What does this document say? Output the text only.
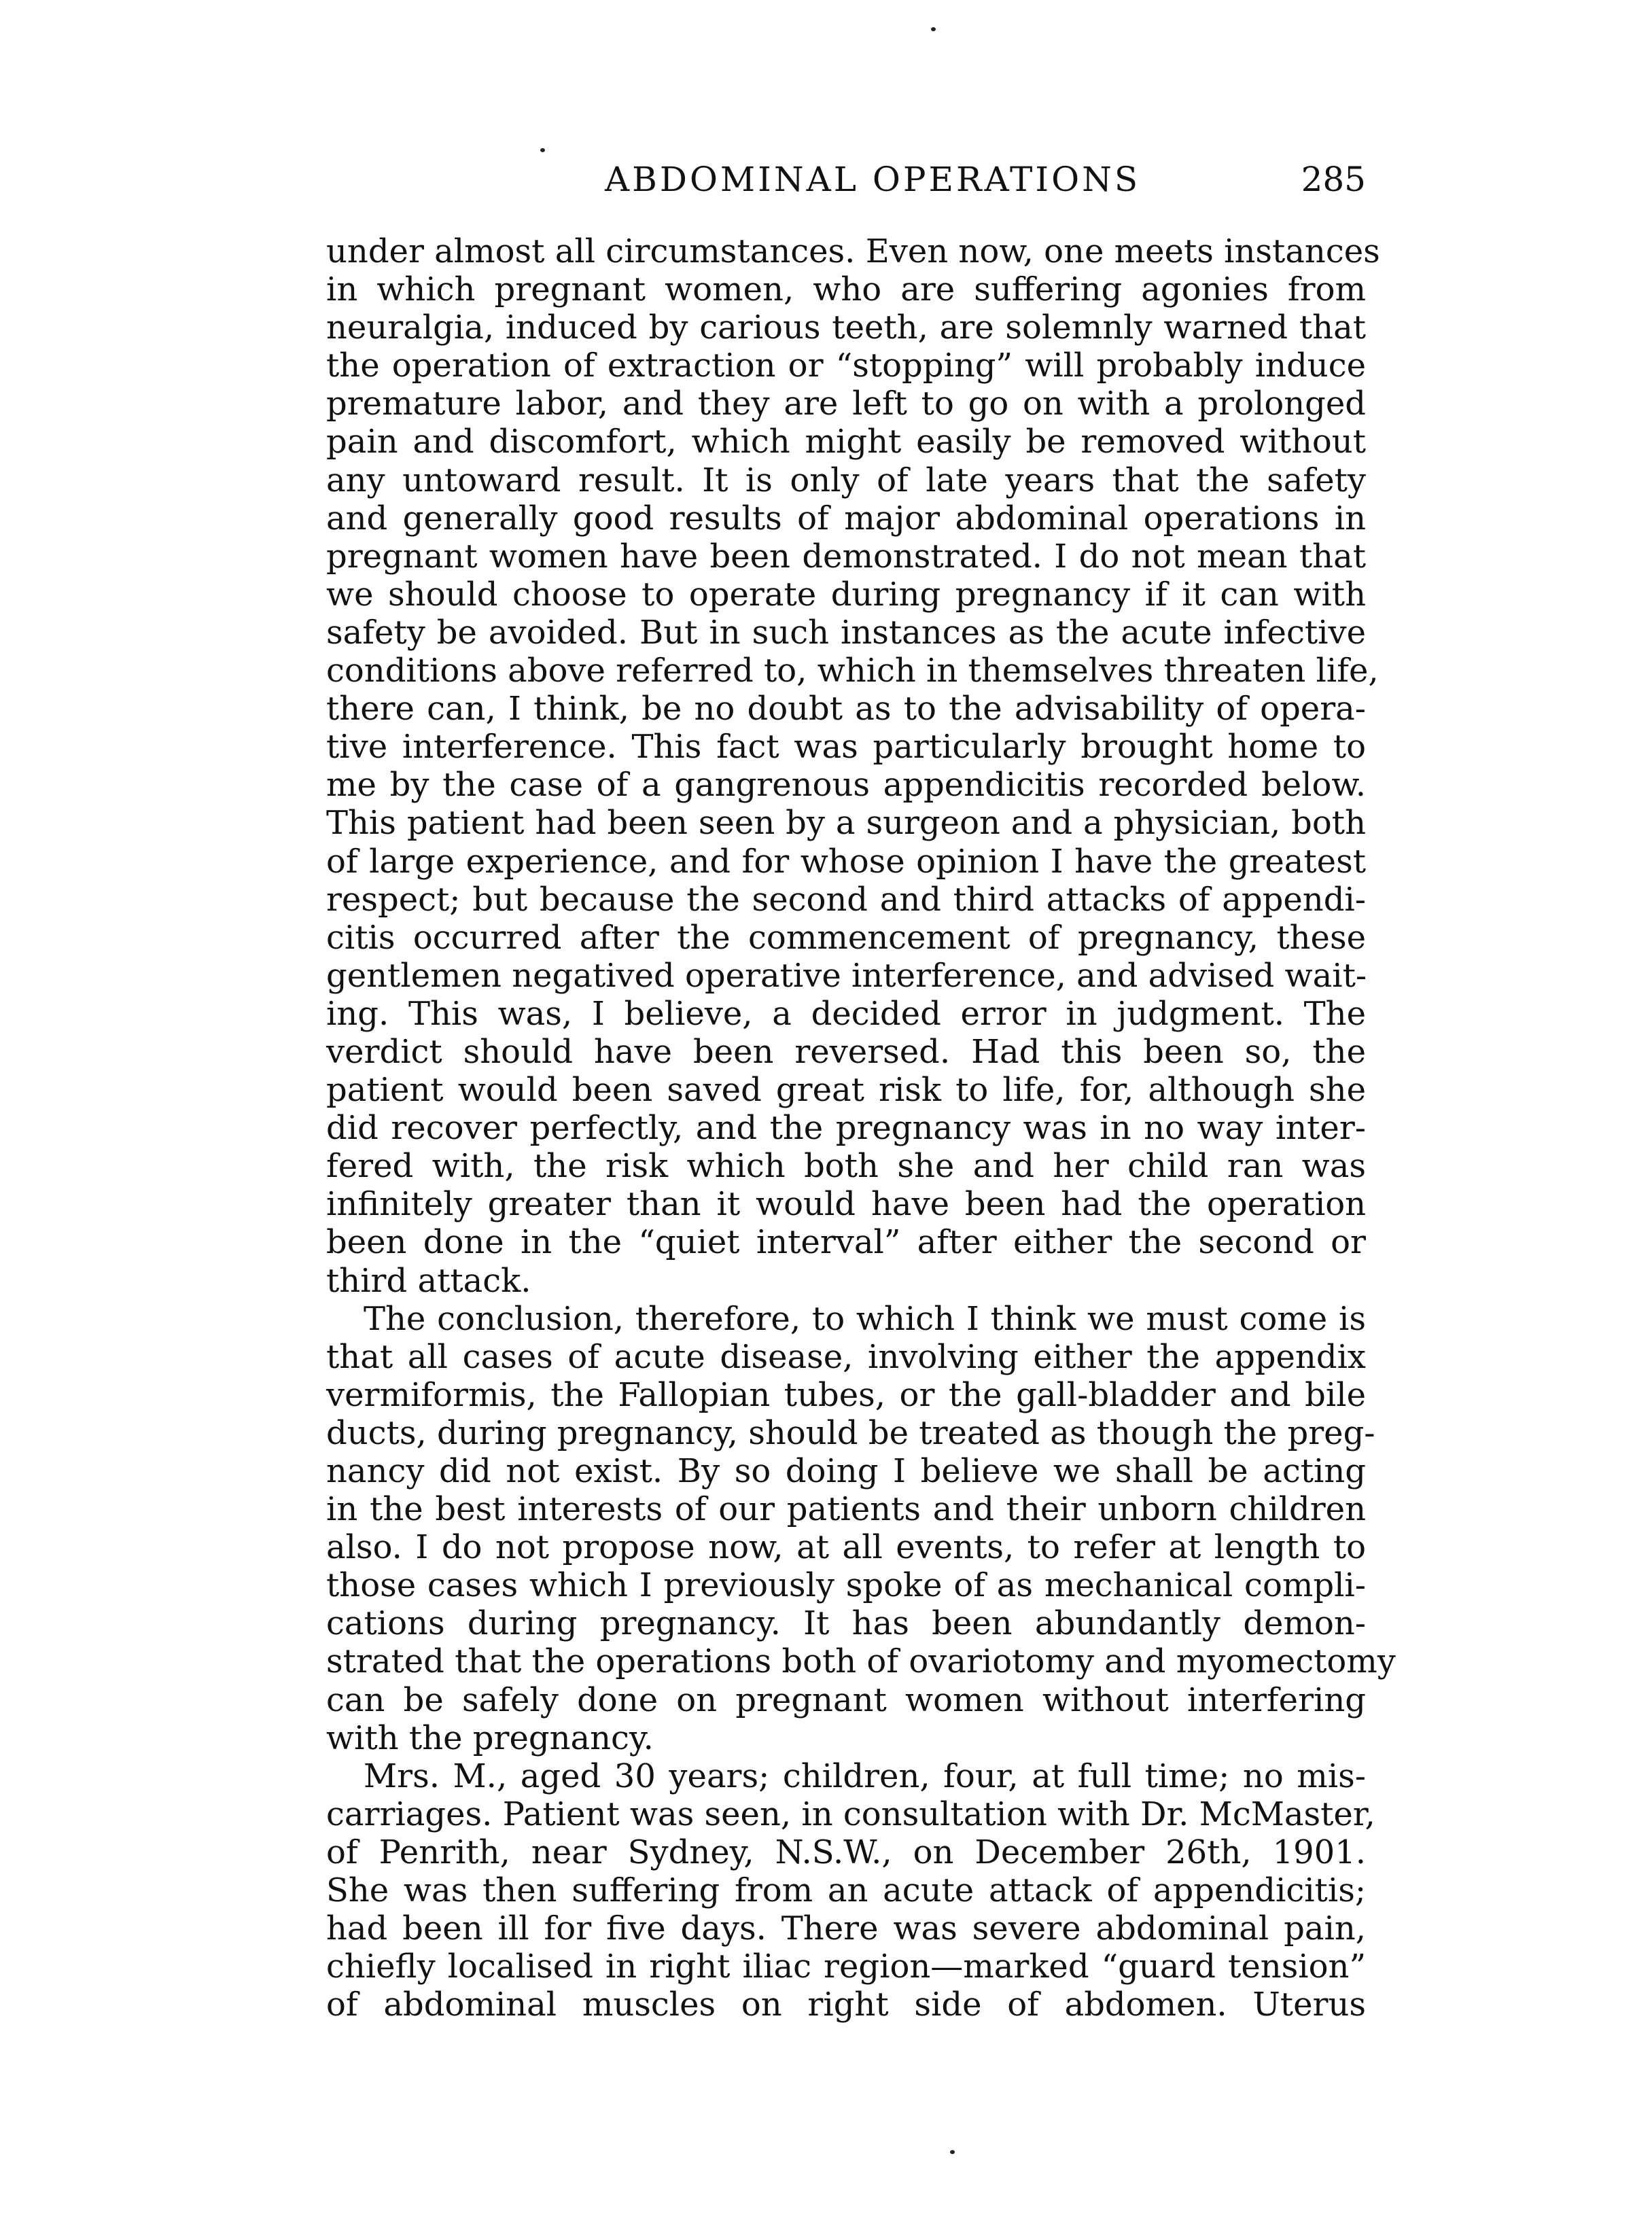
ABDOMINAL OPERATIONS	285
under almost all circumstances. Even now, one meets instances
in which pregnant women, who are suffering agonies from
neuralgia, induced by carious teeth, are solemnly warned that
the operation of extraction or “stopping” will probably induce
premature labor, and they are left to go on with a prolonged
pain and discomfort, which might easily be removed without
any untoward result. It is only of late years that the safety
and generally good results of major abdominal operations in
pregnant women have been demonstrated. I do not mean that
we should choose to operate during pregnancy if it can with
safety be avoided. But in such instances as the acute infective
conditions above referred to, which in themselves threaten life,
there can, I think, be no doubt as to the advisability of opera-
tive interference. This fact was particularly brought home to
me by the case of a gangrenous appendicitis recorded below.
This patient had been seen by a surgeon and a physician, both
of large experience, and for whose opinion I have the greatest
respect; but because the second and third attacks of appendi-
citis occurred after the commencement of pregnancy, these
gentlemen negatived operative interference, and advised wait-
ing. This was, I believe, a decided error in judgment. The
verdict should have been reversed. Had this been so, the
patient would been saved great risk to life, for, although she
did recover perfectly, and the pregnancy was in no way inter-
fered with, the risk which both she and her child ran was
infinitely greater than it would have been had the operation
been done in the “quiet interval” after either the second or
third attack.
The conclusion, therefore, to which I think we must come is
that all cases of acute disease, involving either the appendix
vermiformis, the Fallopian tubes, or the gall-bladder and bile
ducts, during pregnancy, should be treated as though the preg-
nancy did not exist. By so doing I believe we shall be acting
in the best interests of our patients and their unborn children
also. I do not propose now, at all events, to refer at length to
those cases which I previously spoke of as mechanical compli-
cations during pregnancy. It has been abundantly demon-
strated that the operations both of ovariotomy and myomectomy
can be safely done on pregnant women without interfering
with the pregnancy.
Mrs. M., aged 30 years; children, four, at full time; no mis-
carriages. Patient was seen, in consultation with Dr. McMaster,
of Penrith, near Sydney, N.S.W., on December 26th, 1901.
She was then suffering from an acute attack of appendicitis;
had been ill for five days. There was severe abdominal pain,
chiefly localised in right iliac region—marked “guard tension”
of abdominal muscles on right side of abdomen. Uterus
